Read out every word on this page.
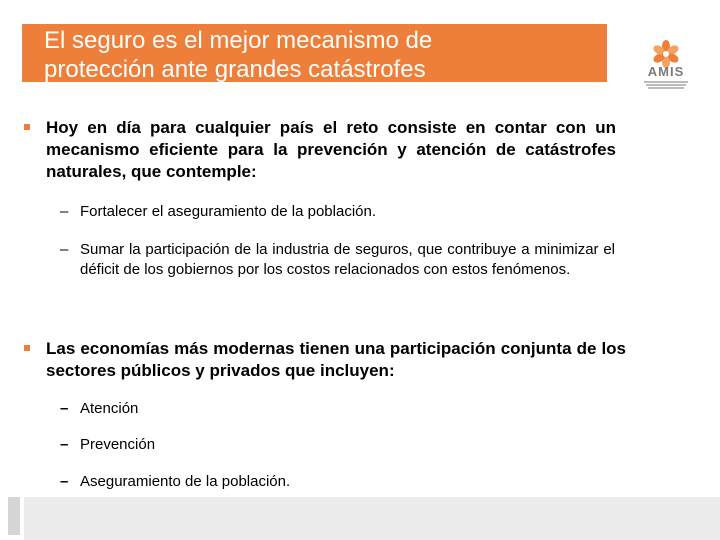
El seguro es el mejor mecanismo de
protección ante grandes catástrofes	AMIS
Hoy en día para cualquier país el reto consiste en contar con un mecanismo eficiente para la prevención y atención de catástrofes naturales, que contemple:
– Fortalecer el aseguramiento de la población.
– Sumar la participación de la industria de seguros, que contribuye a minimizar el déficit de los gobiernos por los costos relacionados con estos fenómenos.
Las economías más modernas tienen una participación conjunta de los sectores públicos y privados que incluyen:
– Atención
– Prevención
– Aseguramiento de la población.
